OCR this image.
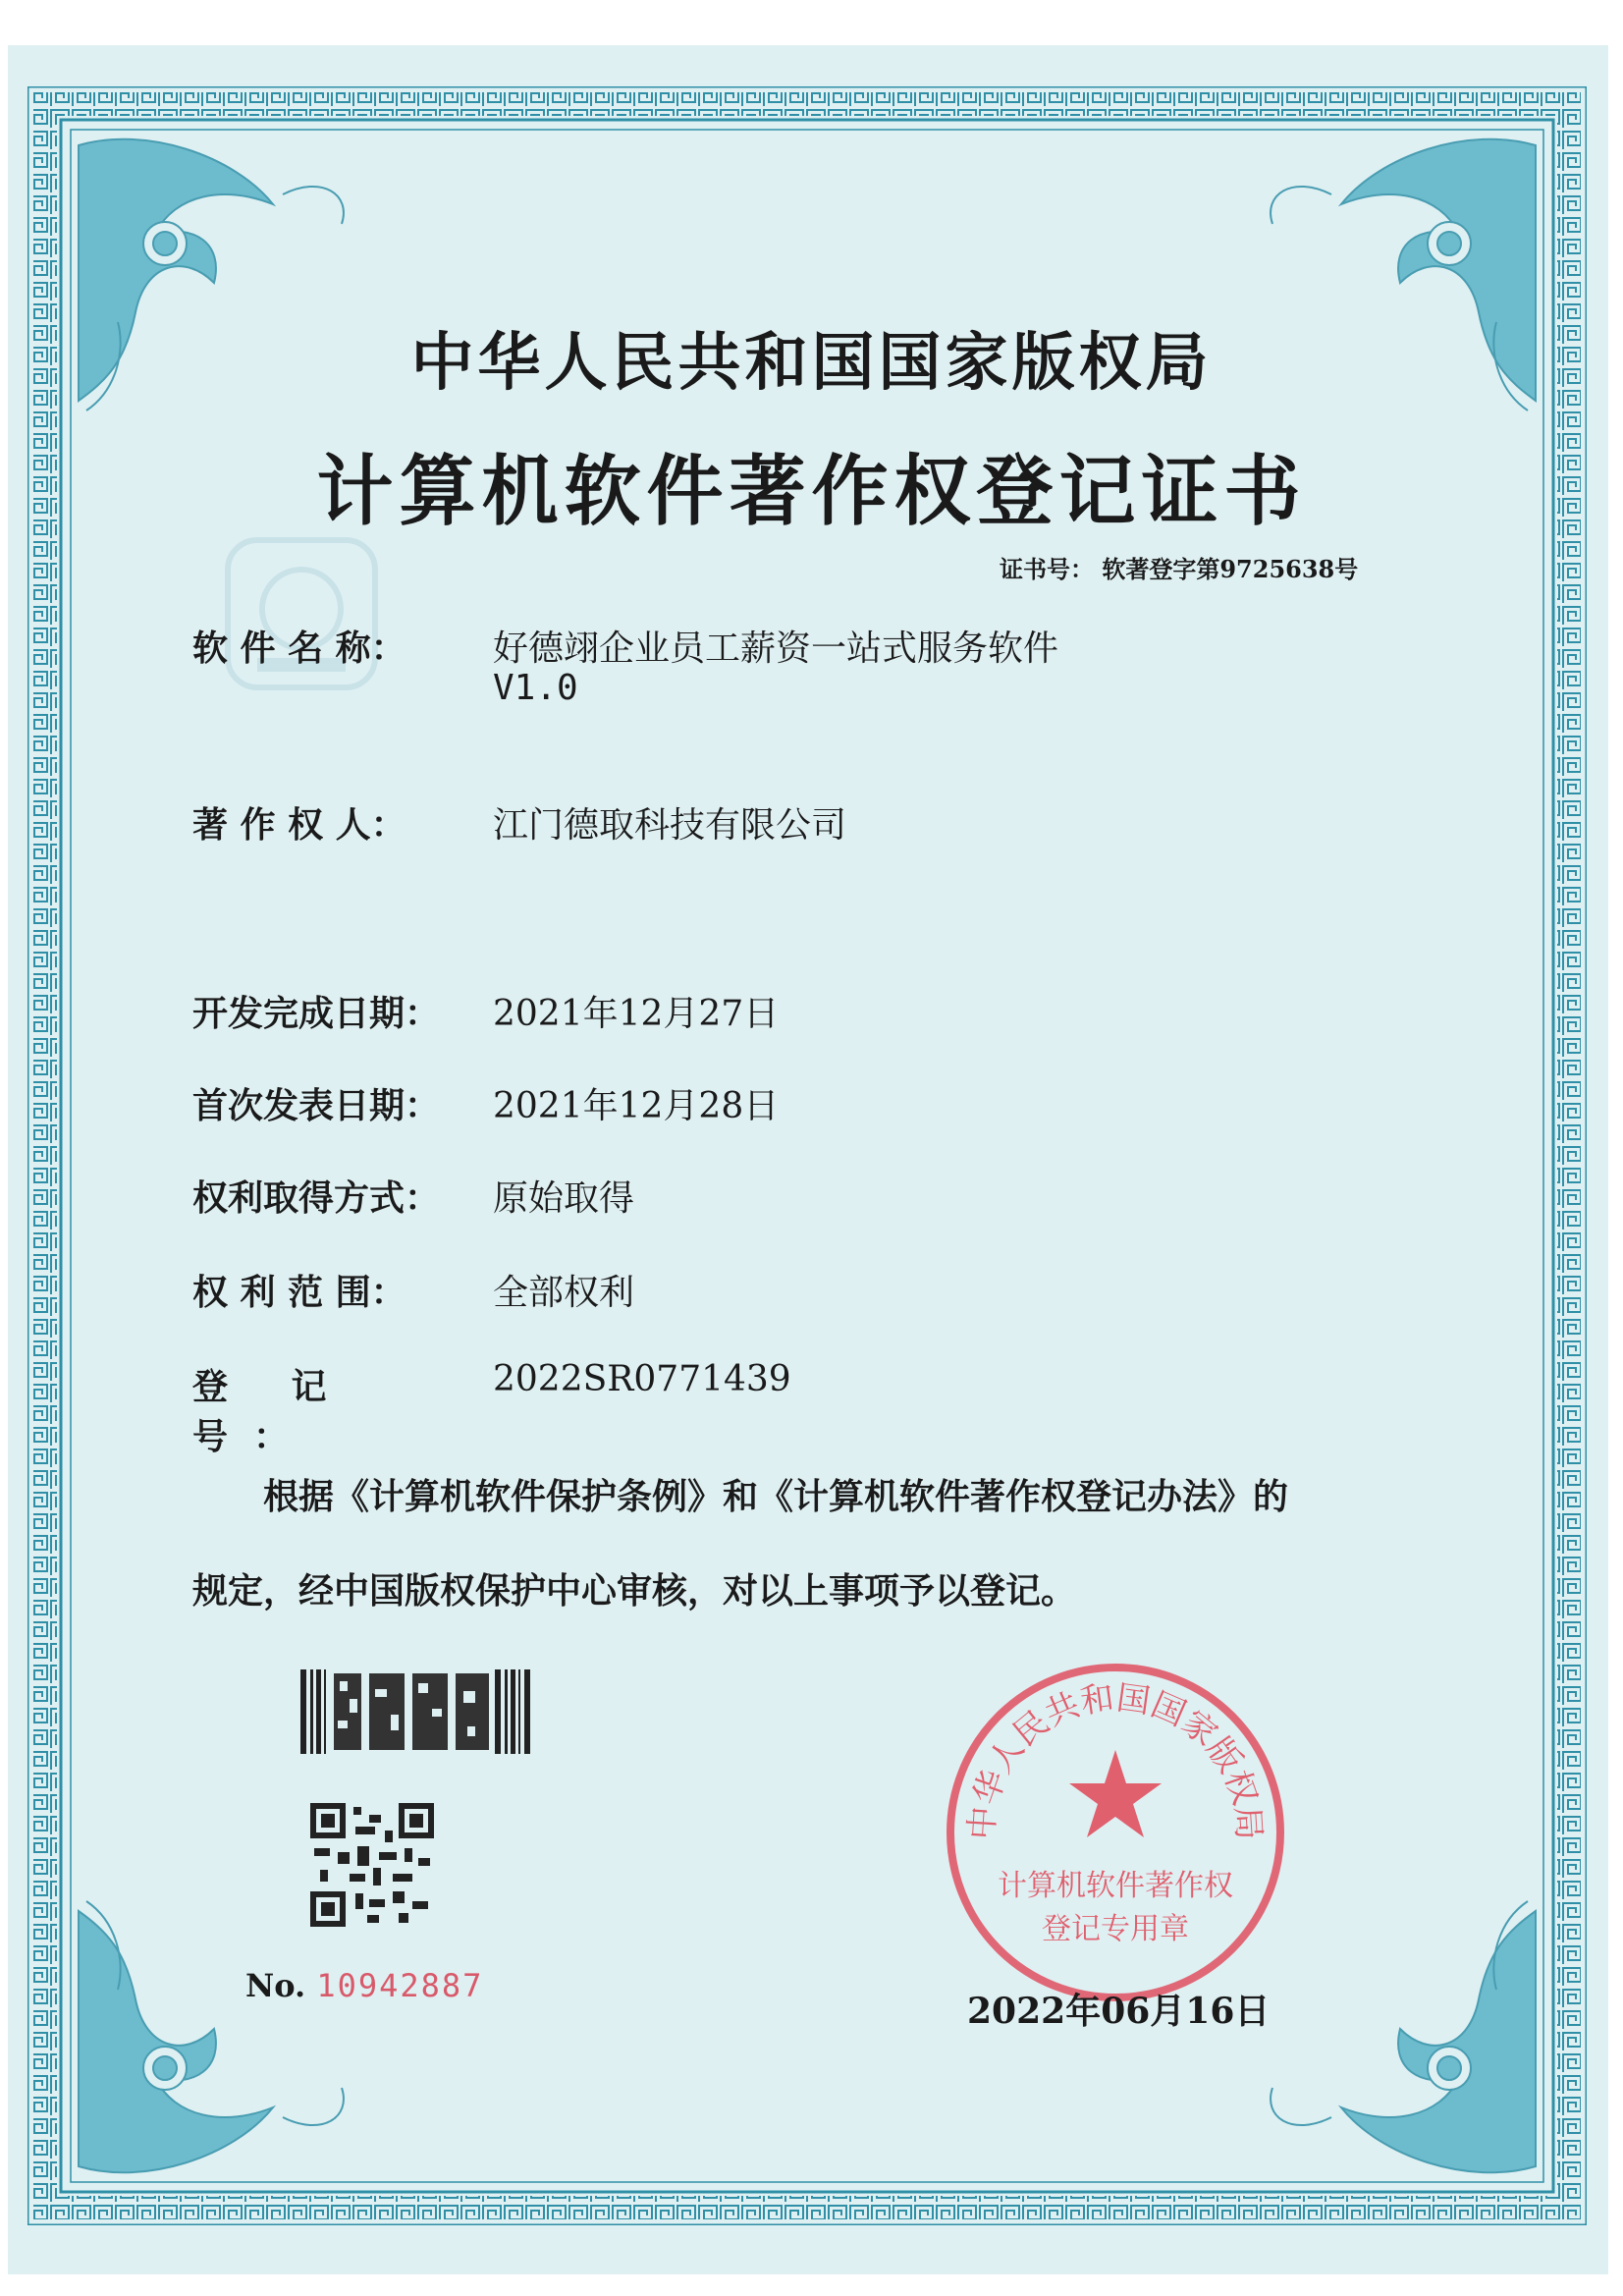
中华人民共和国国家版权局
计算机软件著作权登记证书
证书号： 软著登字第9725638号
软 件 名 称： 好德翊企业员工薪资一站式服务软件
V1.0
著 作 权 人： 江门德取科技有限公司
开发完成日期： 2021年12月27日
首次发表日期： 2021年12月28日
权利取得方式： 原始取得
权 利 范 围： 全部权利
登 记 号：
2022SR0771439

根据《计算机软件保护条例》和《计算机软件著作权登记办法》的

规定，经中国版权保护中心审核，对以上事项予以登记。

No. 10942887
中华人民共和国国家版权局
计算机软件著作权
登记专用章
2022年06月16日
